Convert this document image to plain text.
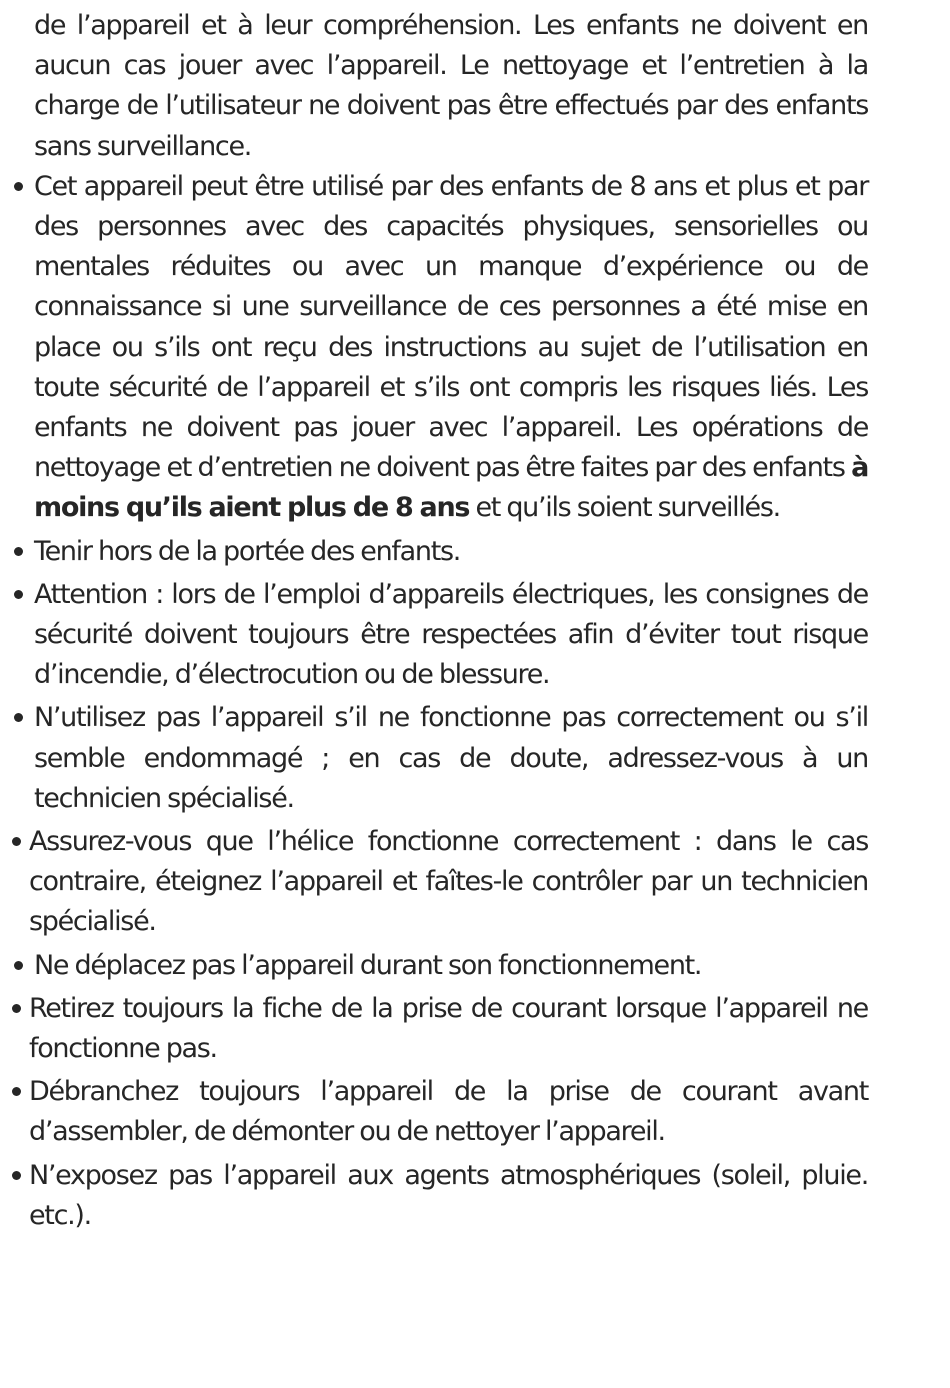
de l’appareil et à leur compréhension. Les enfants ne doivent en aucun cas jouer avec l’appareil. Le nettoyage et l’entretien à la charge de l’utilisateur ne doivent pas être effectués par des enfants sans surveillance.

Cet appareil peut être utilisé par des enfants de 8 ans et plus et par des personnes avec des capacités physiques, sensorielles ou mentales réduites ou avec un manque d’expérience ou de connaissance si une surveillance de ces personnes a été mise en place ou s’ils ont reçu des instructions au sujet de l’utilisation en toute sécurité de l’appareil et s’ils ont compris les risques liés. Les enfants ne doivent pas jouer avec l’appareil. Les opérations de nettoyage et d’entretien ne doivent pas être faites par des enfants à moins qu’ils aient plus de 8 ans et qu’ils soient surveillés.
Tenir hors de la portée des enfants.
Attention : lors de l’emploi d’appareils électriques, les consignes de sécurité doivent toujours être respectées afin d’éviter tout risque d’incendie, d’électrocution ou de blessure.
N’utilisez pas l’appareil s’il ne fonctionne pas correctement ou s’il semble endommagé ; en cas de doute, adressez-vous à un technicien spécialisé.
Assurez-vous que l’hélice fonctionne correctement : dans le cas contraire, éteignez l’appareil et faîtes-le contrôler par un technicien spécialisé.
Ne déplacez pas l’appareil durant son fonctionnement.
Retirez toujours la fiche de la prise de courant lorsque l’appareil ne fonctionne pas.
Débranchez toujours l’appareil de la prise de courant avant d’assembler, de démonter ou de nettoyer l’appareil.
N’exposez pas l’appareil aux agents atmosphériques (soleil, pluie. etc.).
